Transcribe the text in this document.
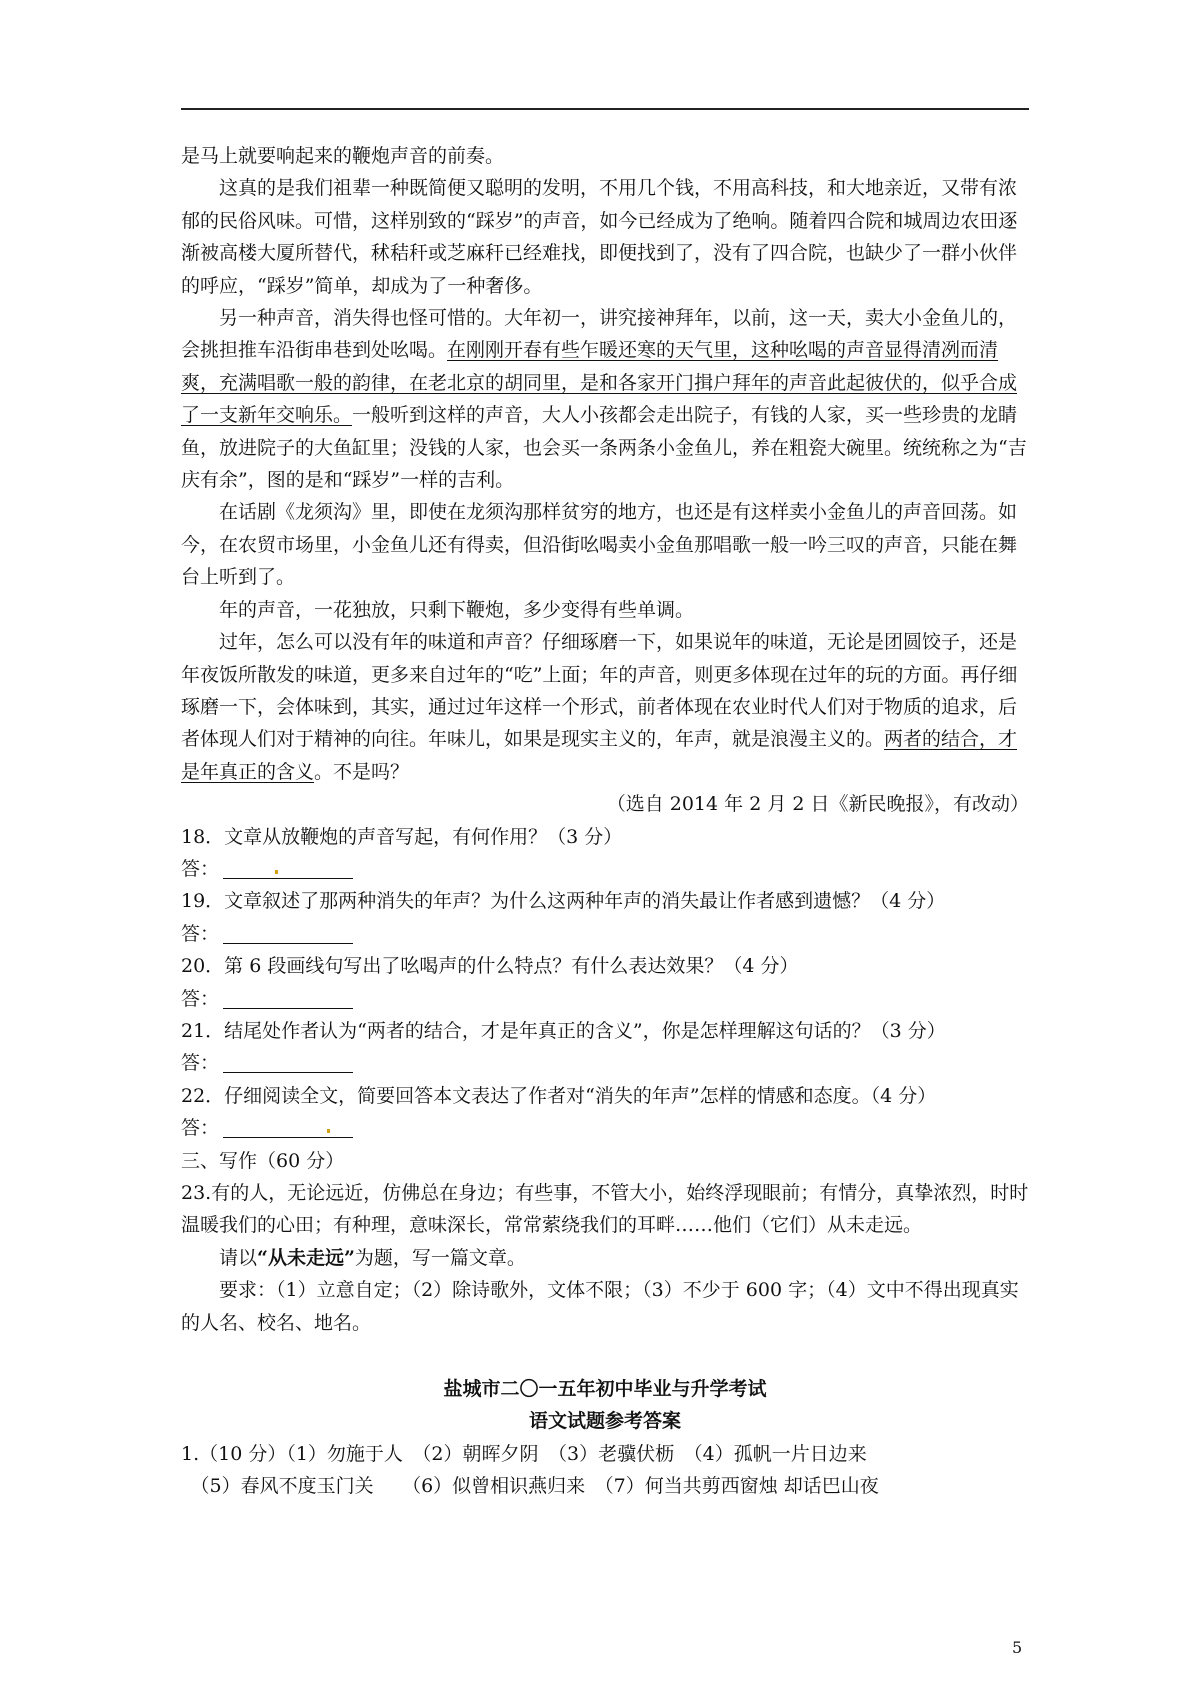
是马上就要响起来的鞭炮声音的前奏。

这真的是我们祖辈一种既简便又聪明的发明，不用几个钱，不用高科技，和大地亲近，又带有浓郁的民俗风味。可惜，这样别致的“踩岁”的声音，如今已经成为了绝响。随着四合院和城周边农田逐渐被高楼大厦所替代，秫秸秆或芝麻秆已经难找，即便找到了，没有了四合院，也缺少了一群小伙伴的呼应，“踩岁”简单，却成为了一种奢侈。

另一种声音，消失得也怪可惜的。大年初一，讲究接神拜年，以前，这一天，卖大小金鱼儿的，会挑担推车沿街串巷到处吆喝。在刚刚开春有些乍暖还寒的天气里，这种吆喝的声音显得清冽而清爽，充满唱歌一般的韵律，在老北京的胡同里，是和各家开门揖户拜年的声音此起彼伏的，似乎合成了一支新年交响乐。一般听到这样的声音，大人小孩都会走出院子，有钱的人家，买一些珍贵的龙睛鱼，放进院子的大鱼缸里；没钱的人家，也会买一条两条小金鱼儿，养在粗瓷大碗里。统统称之为“吉庆有余”，图的是和“踩岁”一样的吉利。

在话剧《龙须沟》里，即使在龙须沟那样贫穷的地方，也还是有这样卖小金鱼儿的声音回荡。如今，在农贸市场里，小金鱼儿还有得卖，但沿街吆喝卖小金鱼那唱歌一般一吟三叹的声音，只能在舞台上听到了。

年的声音，一花独放，只剩下鞭炮，多少变得有些单调。

过年，怎么可以没有年的味道和声音？仔细琢磨一下，如果说年的味道，无论是团圆饺子，还是年夜饭所散发的味道，更多来自过年的“吃”上面；年的声音，则更多体现在过年的玩的方面。再仔细琢磨一下，会体味到，其实，通过过年这样一个形式，前者体现在农业时代人们对于物质的追求，后者体现人们对于精神的向往。年味儿，如果是现实主义的，年声，就是浪漫主义的。两者的结合，才是年真正的含义。不是吗？

（选自 2014 年 2 月 2 日《新民晚报》，有改动）

18．文章从放鞭炮的声音写起，有何作用？（3 分）

答：

19．文章叙述了那两种消失的年声？为什么这两种年声的消失最让作者感到遗憾？（4 分）

答：

20．第 6 段画线句写出了吆喝声的什么特点？有什么表达效果？（4 分）

答：

21．结尾处作者认为“两者的结合，才是年真正的含义”，你是怎样理解这句话的？（3 分）

答：

22．仔细阅读全文，简要回答本文表达了作者对“消失的年声”怎样的情感和态度。（4 分）

答：

三、写作（60 分）

23.有的人，无论远近，仿佛总在身边；有些事，不管大小，始终浮现眼前；有情分，真挚浓烈，时时温暖我们的心田；有种理，意味深长，常常萦绕我们的耳畔……他们（它们）从未走远。

请以“从未走远”为题，写一篇文章。

要求：（1）立意自定；（2）除诗歌外，文体不限；（3）不少于 600 字；（4）文中不得出现真实的人名、校名、地名。

盐城市二〇一五年初中毕业与升学考试

语文试题参考答案

1.（10 分）（1）勿施于人　（2）朝晖夕阴　（3）老骥伏枥　（4）孤帆一片日边来

　（5）春风不度玉门关　　（6）似曾相识燕归来　（7）何当共剪西窗烛 却话巴山夜

5
